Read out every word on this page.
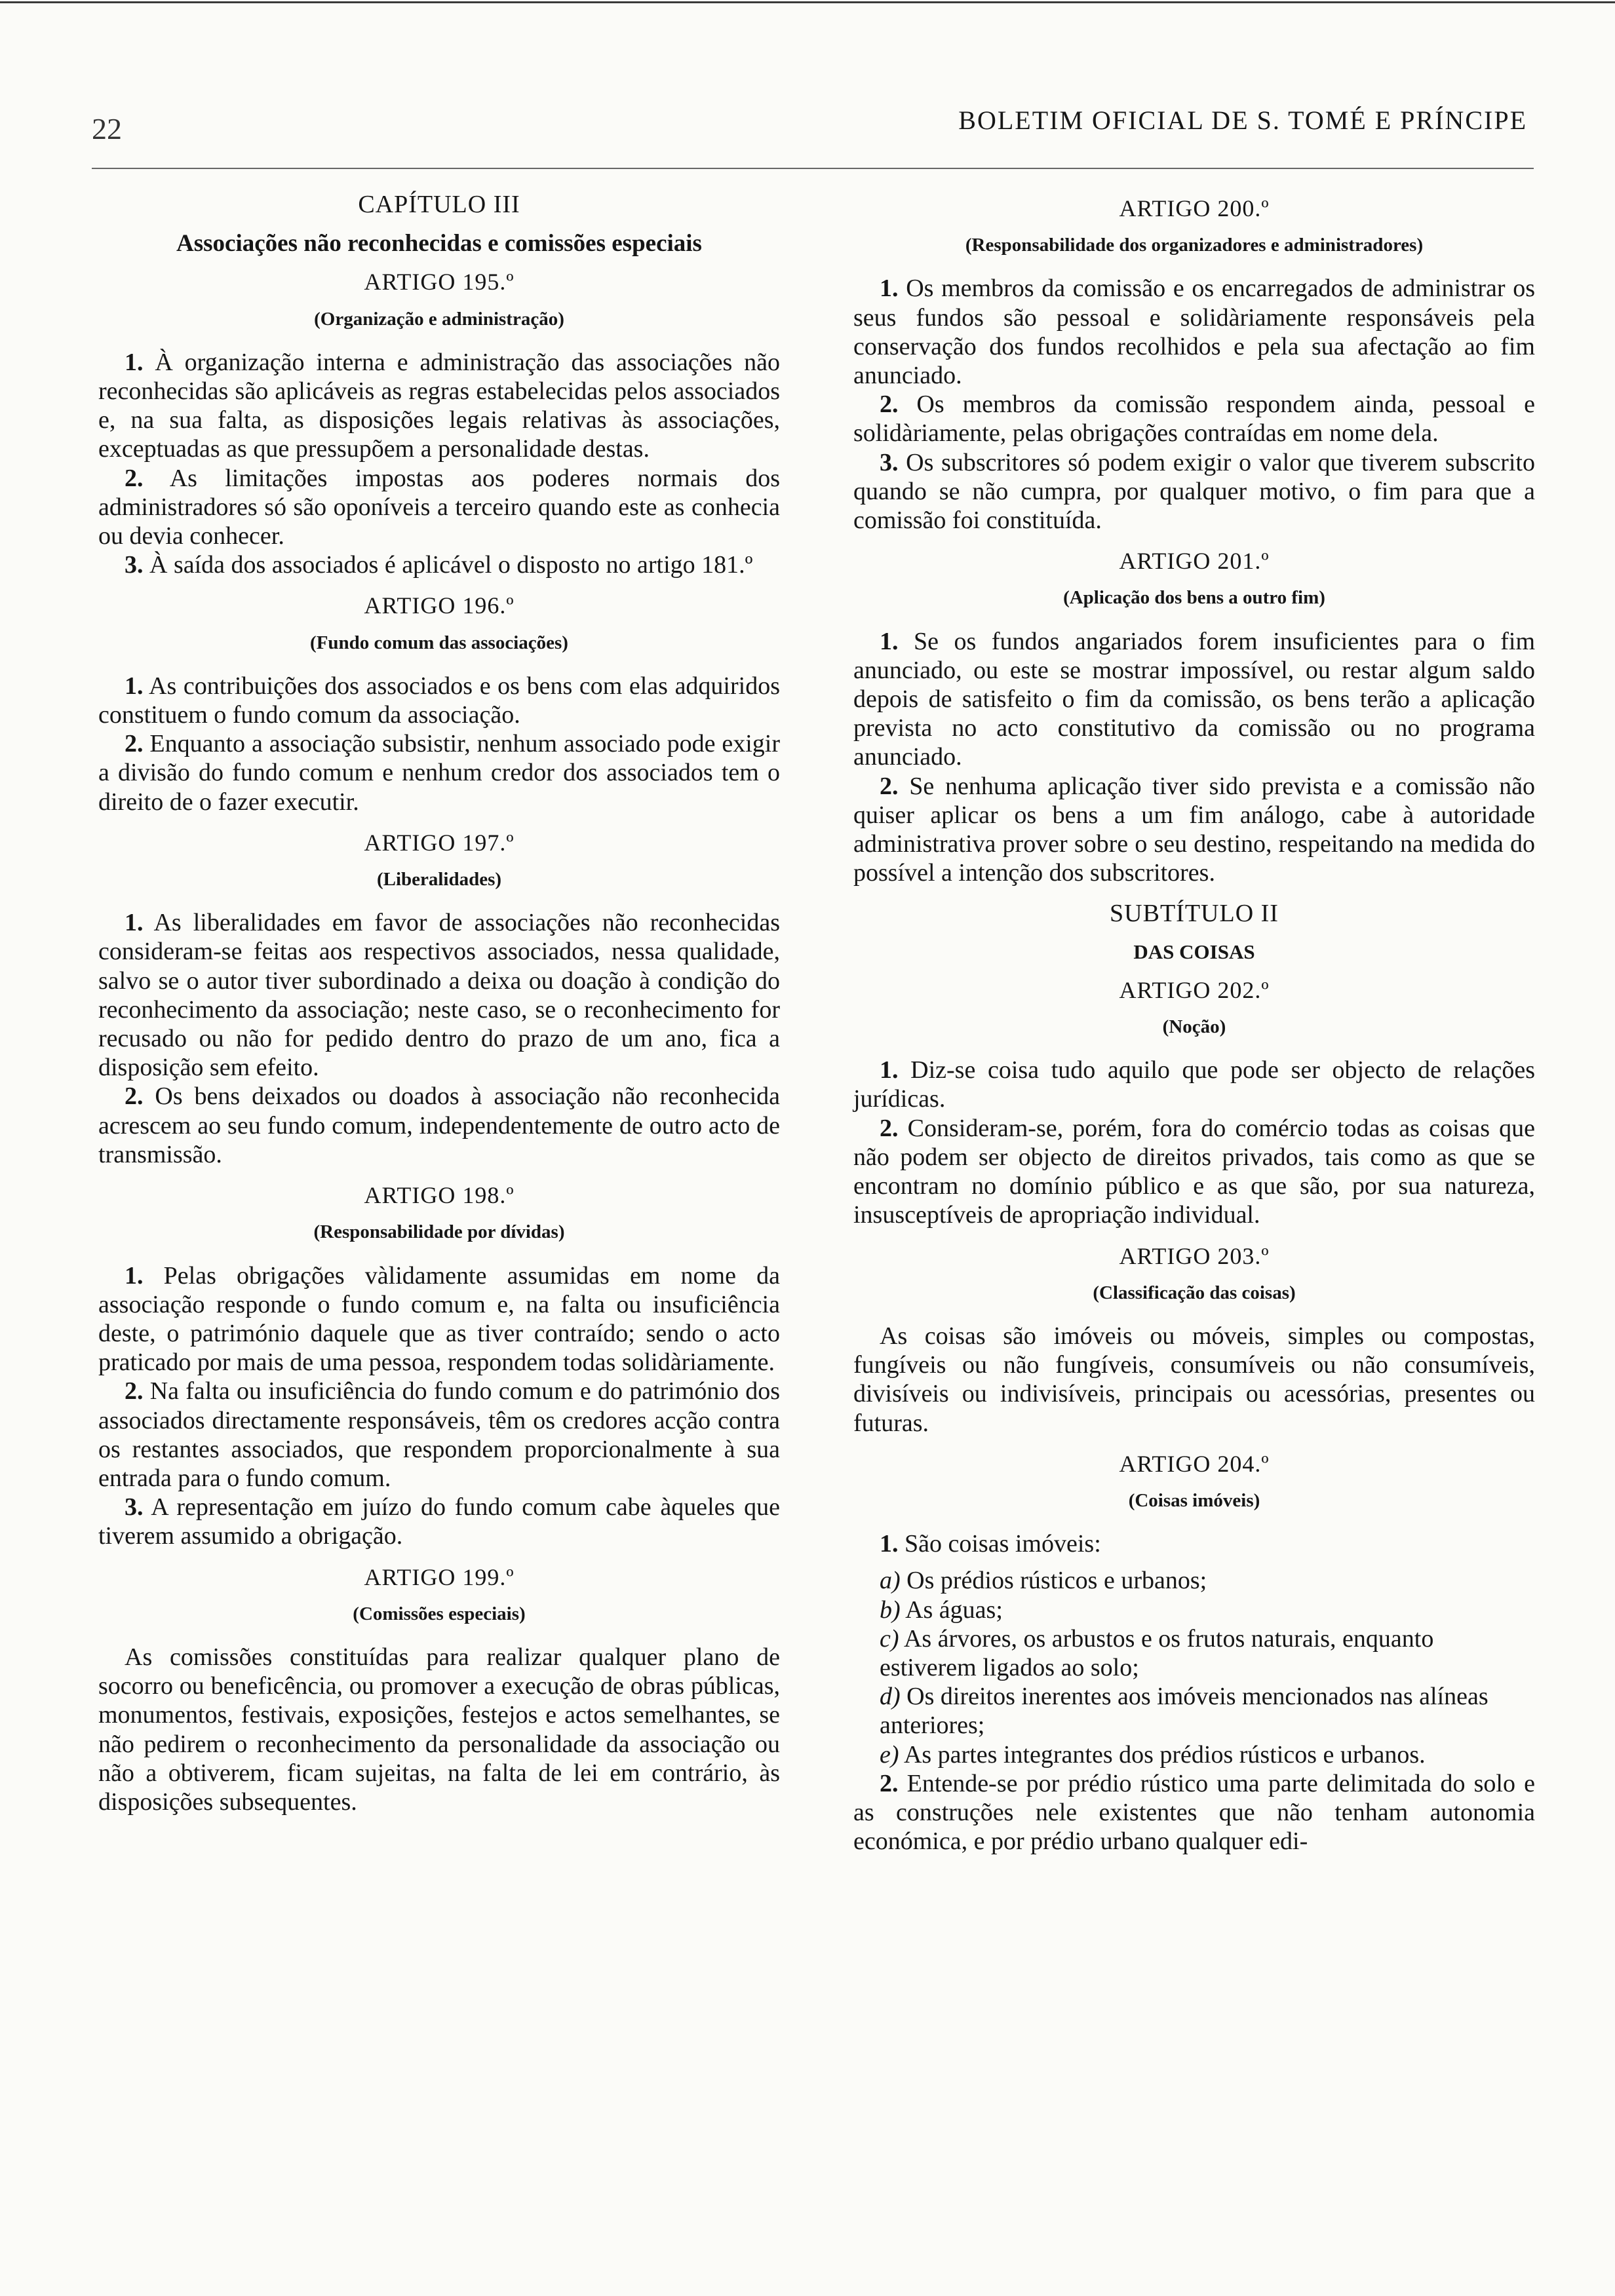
22	BOLETIM OFICIAL DE S. TOMÉ E PRÍNCIPE
CAPÍTULO III
Associações não reconhecidas e comissões especiais
ARTIGO 195.º
(Organização e administração)

1. À organização interna e administração das associações não reconhecidas são aplicáveis as regras estabelecidas pelos associados e, na sua falta, as disposições legais relativas às associações, exceptuadas as que pressupõem a personalidade destas.

2. As limitações impostas aos poderes normais dos administradores só são oponíveis a terceiro quando este as conhecia ou devia conhecer.

3. À saída dos associados é aplicável o disposto no artigo 181.º

ARTIGO 196.º
(Fundo comum das associações)

1. As contribuições dos associados e os bens com elas adquiridos constituem o fundo comum da associação.

2. Enquanto a associação subsistir, nenhum associado pode exigir a divisão do fundo comum e nenhum credor dos associados tem o direito de o fazer executir.

ARTIGO 197.º
(Liberalidades)

1. As liberalidades em favor de associações não reconhecidas consideram-se feitas aos respectivos associados, nessa qualidade, salvo se o autor tiver subordinado a deixa ou doação à condição do reconhecimento da associação; neste caso, se o reconhecimento for recusado ou não for pedido dentro do prazo de um ano, fica a disposição sem efeito.

2. Os bens deixados ou doados à associação não reconhecida acrescem ao seu fundo comum, independentemente de outro acto de transmissão.

ARTIGO 198.º
(Responsabilidade por dívidas)

1. Pelas obrigações vàlidamente assumidas em nome da associação responde o fundo comum e, na falta ou insuficiência deste, o património daquele que as tiver contraído; sendo o acto praticado por mais de uma pessoa, respondem todas solidàriamente.

2. Na falta ou insuficiência do fundo comum e do património dos associados directamente responsáveis, têm os credores acção contra os restantes associados, que respondem proporcionalmente à sua entrada para o fundo comum.

3. A representação em juízo do fundo comum cabe àqueles que tiverem assumido a obrigação.

ARTIGO 199.º
(Comissões especiais)

As comissões constituídas para realizar qualquer plano de socorro ou beneficência, ou promover a execução de obras públicas, monumentos, festivais, exposições, festejos e actos semelhantes, se não pedirem o reconhecimento da personalidade da associação ou não a obtiverem, ficam sujeitas, na falta de lei em contrário, às disposições subsequentes.

ARTIGO 200.º
(Responsabilidade dos organizadores e administradores)

1. Os membros da comissão e os encarregados de administrar os seus fundos são pessoal e solidàriamente responsáveis pela conservação dos fundos recolhidos e pela sua afectação ao fim anunciado.

2. Os membros da comissão respondem ainda, pessoal e solidàriamente, pelas obrigações contraídas em nome dela.

3. Os subscritores só podem exigir o valor que tiverem subscrito quando se não cumpra, por qualquer motivo, o fim para que a comissão foi constituída.

ARTIGO 201.º
(Aplicação dos bens a outro fim)

1. Se os fundos angariados forem insuficientes para o fim anunciado, ou este se mostrar impossível, ou restar algum saldo depois de satisfeito o fim da comissão, os bens terão a aplicação prevista no acto constitutivo da comissão ou no programa anunciado.

2. Se nenhuma aplicação tiver sido prevista e a comissão não quiser aplicar os bens a um fim análogo, cabe à autoridade administrativa prover sobre o seu destino, respeitando na medida do possível a intenção dos subscritores.

SUBTÍTULO II
DAS COISAS
ARTIGO 202.º
(Noção)

1. Diz-se coisa tudo aquilo que pode ser objecto de relações jurídicas.

2. Consideram-se, porém, fora do comércio todas as coisas que não podem ser objecto de direitos privados, tais como as que se encontram no domínio público e as que são, por sua natureza, insusceptíveis de apropriação individual.

ARTIGO 203.º
(Classificação das coisas)

As coisas são imóveis ou móveis, simples ou compostas, fungíveis ou não fungíveis, consumíveis ou não consumíveis, divisíveis ou indivisíveis, principais ou acessórias, presentes ou futuras.

ARTIGO 204.º
(Coisas imóveis)

1. São coisas imóveis:

a) Os prédios rústicos e urbanos;

b) As águas;

c) As árvores, os arbustos e os frutos naturais, enquanto estiverem ligados ao solo;

d) Os direitos inerentes aos imóveis mencionados nas alíneas anteriores;

e) As partes integrantes dos prédios rústicos e urbanos.

2. Entende-se por prédio rústico uma parte delimitada do solo e as construções nele existentes que não tenham autonomia económica, e por prédio urbano qualquer edi-
